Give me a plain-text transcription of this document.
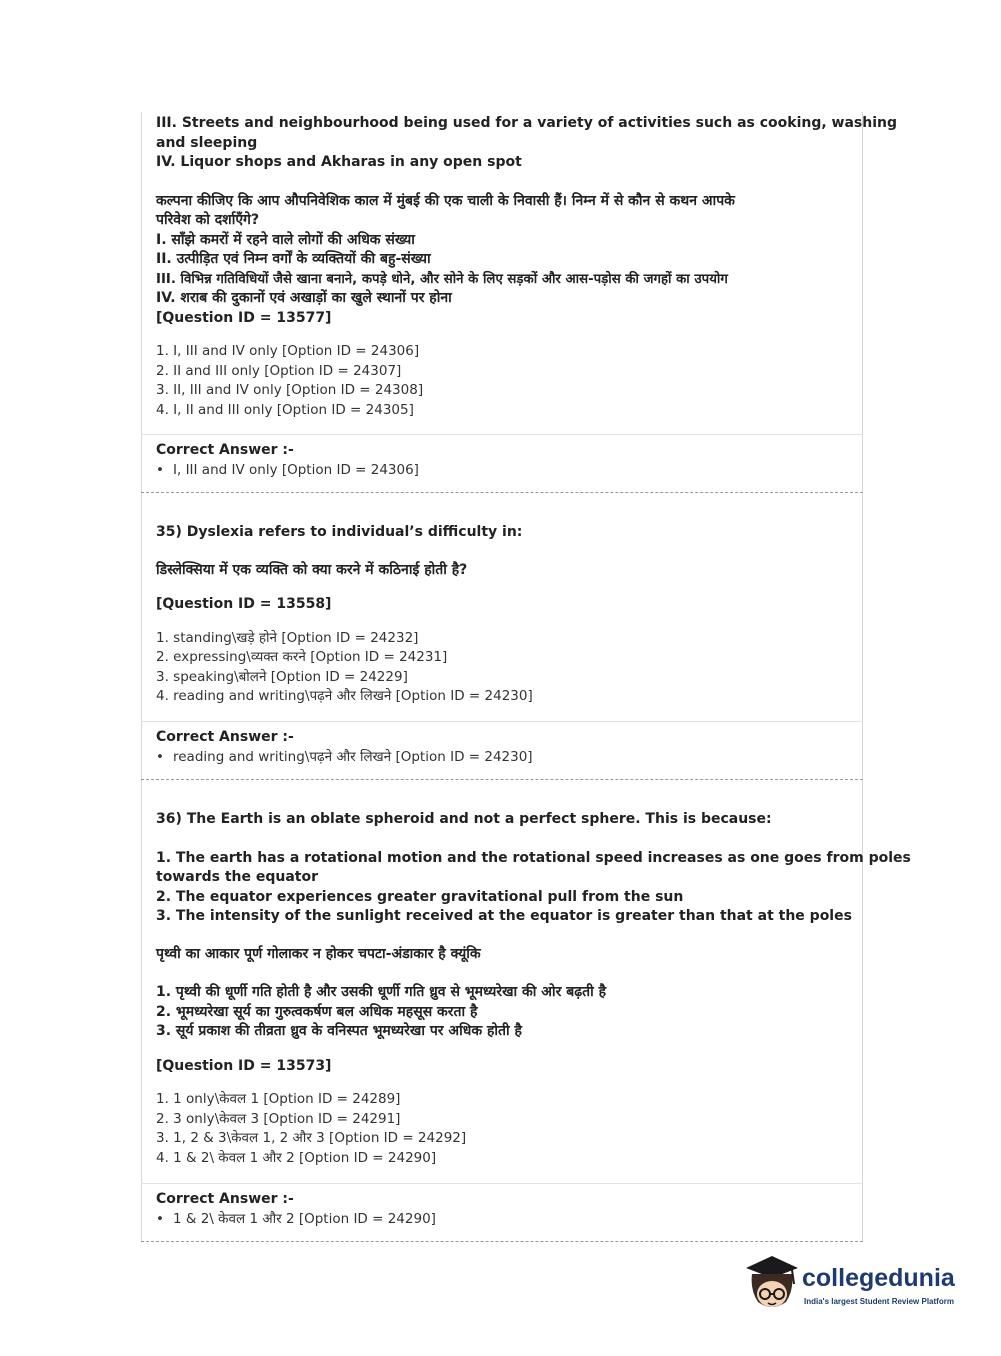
III. Streets and neighbourhood being used for a variety of activities such as cooking, washing
and sleeping
IV. Liquor shops and Akharas in any open spot
कल्पना कीजिए कि आप औपनिवेशिक काल में मुंबई की एक चाली के निवासी हैं। निम्न में से कौन से कथन आपके
परिवेश को दर्शाएँगे?
I. साँझे कमरों में रहने वाले लोगों की अधिक संख्या
II. उत्पीड़ित एवं निम्न वर्गों के व्यक्तियों की बहु-संख्या
III. विभिन्न गतिविधियों जैसे खाना बनाने, कपड़े धोने, और सोने के लिए सड़कों और आस-पड़ोस की जगहों का उपयोग
IV. शराब की दुकानों एवं अखाड़ों का खुले स्थानों पर होना
[Question ID = 13577]
1. I, III and IV only [Option ID = 24306]
2. II and III only [Option ID = 24307]
3. II, III and IV only [Option ID = 24308]
4. I, II and III only [Option ID = 24305]
Correct Answer :-
• I, III and IV only [Option ID = 24306]
35) Dyslexia refers to individual’s difficulty in:
डिस्लेक्सिया में एक व्यक्ति को क्या करने में कठिनाई होती है?
[Question ID = 13558]
1. standing\खड़े होने [Option ID = 24232]
2. expressing\व्यक्त करने [Option ID = 24231]
3. speaking\बोलने [Option ID = 24229]
4. reading and writing\पढ़ने और लिखने [Option ID = 24230]
Correct Answer :-
• reading and writing\पढ़ने और लिखने [Option ID = 24230]
36) The Earth is an oblate spheroid and not a perfect sphere. This is because:
1. The earth has a rotational motion and the rotational speed increases as one goes from poles
towards the equator
2. The equator experiences greater gravitational pull from the sun
3. The intensity of the sunlight received at the equator is greater than that at the poles
पृथ्वी का आकार पूर्ण गोलाकर न होकर चपटा-अंडाकार है क्यूंकि
1. पृथ्वी की धूर्णी गति होती है और उसकी धूर्णी गति ध्रुव से भूमध्यरेखा की ओर बढ़ती है
2. भूमध्यरेखा सूर्य का गुरुत्वकर्षण बल अधिक महसूस करता है
3. सूर्य प्रकाश की तीव्रता ध्रुव के वनिस्पत भूमध्यरेखा पर अधिक होती है
[Question ID = 13573]
1. 1 only\केवल 1 [Option ID = 24289]
2. 3 only\केवल 3 [Option ID = 24291]
3. 1, 2 & 3\केवल 1, 2 और 3 [Option ID = 24292]
4. 1 & 2\ केवल 1 और 2 [Option ID = 24290]
Correct Answer :-
• 1 & 2\ केवल 1 और 2 [Option ID = 24290]
collegedunia
India's largest Student Review Platform
